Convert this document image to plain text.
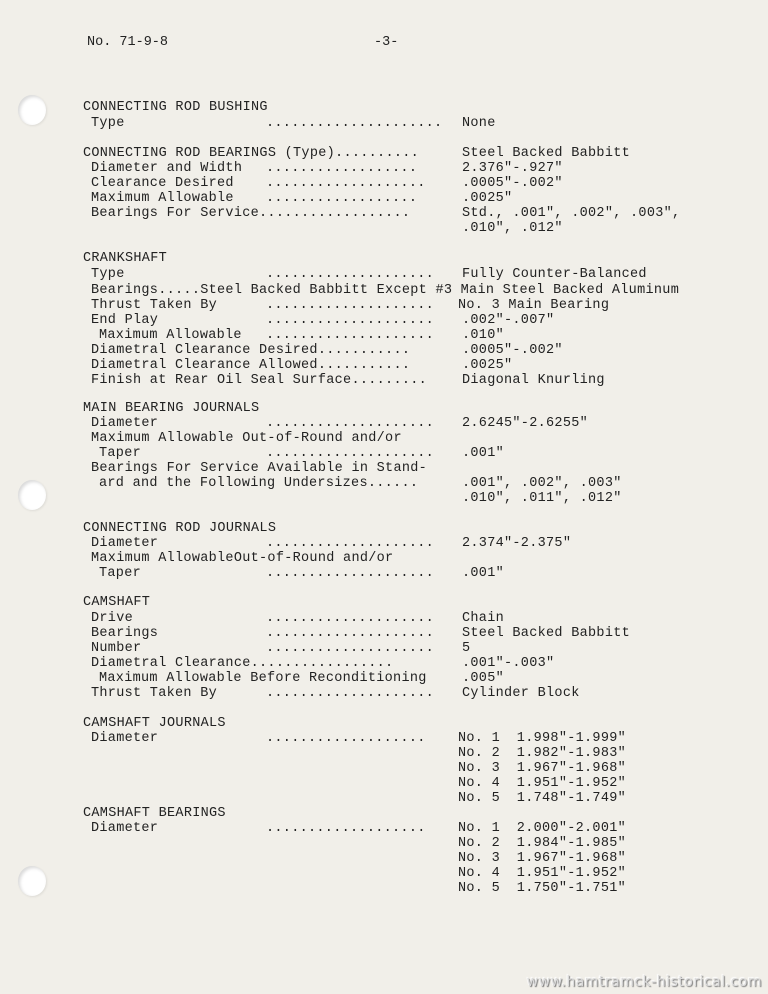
No. 71-9-8	-3-
CONNECTING ROD BUSHING
Type	..................... None
CONNECTING ROD BEARINGS (Type)..........	Steel Backed Babbitt
Diameter and Width ..................	2.376"-.927"
Clearance Desired ...................	.0005"-.002"
Maximum Allowable ..................	.0025"
Bearings For Service..................	Std., .001", .002", .003",
.010", .012"
CRANKSHAFT
Type	.................... Fully Counter-Balanced
Bearings.....Steel Backed Babbitt Except #3 Main Steel Backed Aluminum
Thrust Taken By	.................... No. 3 Main Bearing
End Play	.................... .002"-.007"
Maximum Allowable .................... .010"
Diametral Clearance Desired...........	.0005"-.002"
Diametral Clearance Allowed...........	.0025"
Finish at Rear Oil Seal Surface.........	Diagonal Knurling
MAIN BEARING JOURNALS
Diameter	.................... 2.6245"-2.6255"
Maximum Allowable Out-of-Round and/or
Taper	.................... .001"
Bearings For Service Available in Stand-
ard and the Following Undersizes......	.001", .002", .003"
.010", .011", .012"
CONNECTING ROD JOURNALS
Diameter	.................... 2.374"-2.375"
Maximum AllowableOut-of-Round and/or
Taper	.................... .001"
CAMSHAFT
Drive	.................... Chain
Bearings	.................... Steel Backed Babbitt
Number	.................... 5
Diametral Clearance.................	.001"-.003"
Maximum Allowable Before Reconditioning	.005"
Thrust Taken By	.................... Cylinder Block
CAMSHAFT JOURNALS
Diameter	................... No. 1  1.998"-1.999"
No. 2  1.982"-1.983"
No. 3  1.967"-1.968"
No. 4  1.951"-1.952"
No. 5  1.748"-1.749"
CAMSHAFT BEARINGS
Diameter	................... No. 1  2.000"-2.001"
No. 2  1.984"-1.985"
No. 3  1.967"-1.968"
No. 4  1.951"-1.952"
No. 5  1.750"-1.751"
www.hamtramck-historical.com
